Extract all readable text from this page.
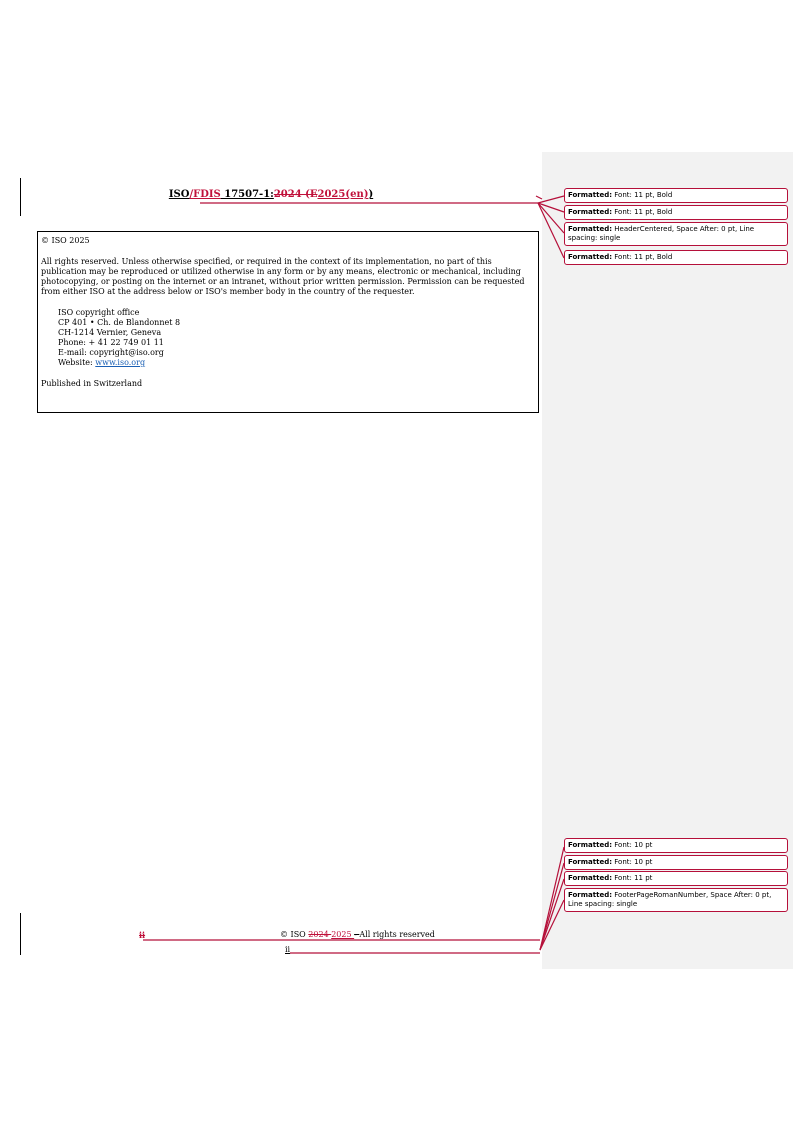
ISO/FDIS 17507-1:2024 (E2025(en))

© ISO 2025

All rights reserved. Unless otherwise specified, or required in the context of its implementation, no part of this publication may be reproduced or utilized otherwise in any form or by any means, electronic or mechanical, including photocopying, or posting on the internet or an intranet, without prior written permission. Permission can be requested from either ISO at the address below or ISO's member body in the country of the requester.

ISO copyright office
CP 401 • Ch. de Blandonnet 8
CH-1214 Vernier, Geneva
Phone: + 41 22 749 01 11
E-mail: copyright@iso.org
Website: www.iso.org

Published in Switzerland

ii	© ISO 2024 2025 - All rights reserved
ii
Formatted: Font: 11 pt, Bold
Formatted: Font: 11 pt, Bold
Formatted: HeaderCentered, Space After: 0 pt, Line spacing: single
Formatted: Font: 11 pt, Bold
Formatted: Font: 10 pt
Formatted: Font: 10 pt
Formatted: Font: 11 pt
Formatted: FooterPageRomanNumber, Space After: 0 pt, Line spacing: single
